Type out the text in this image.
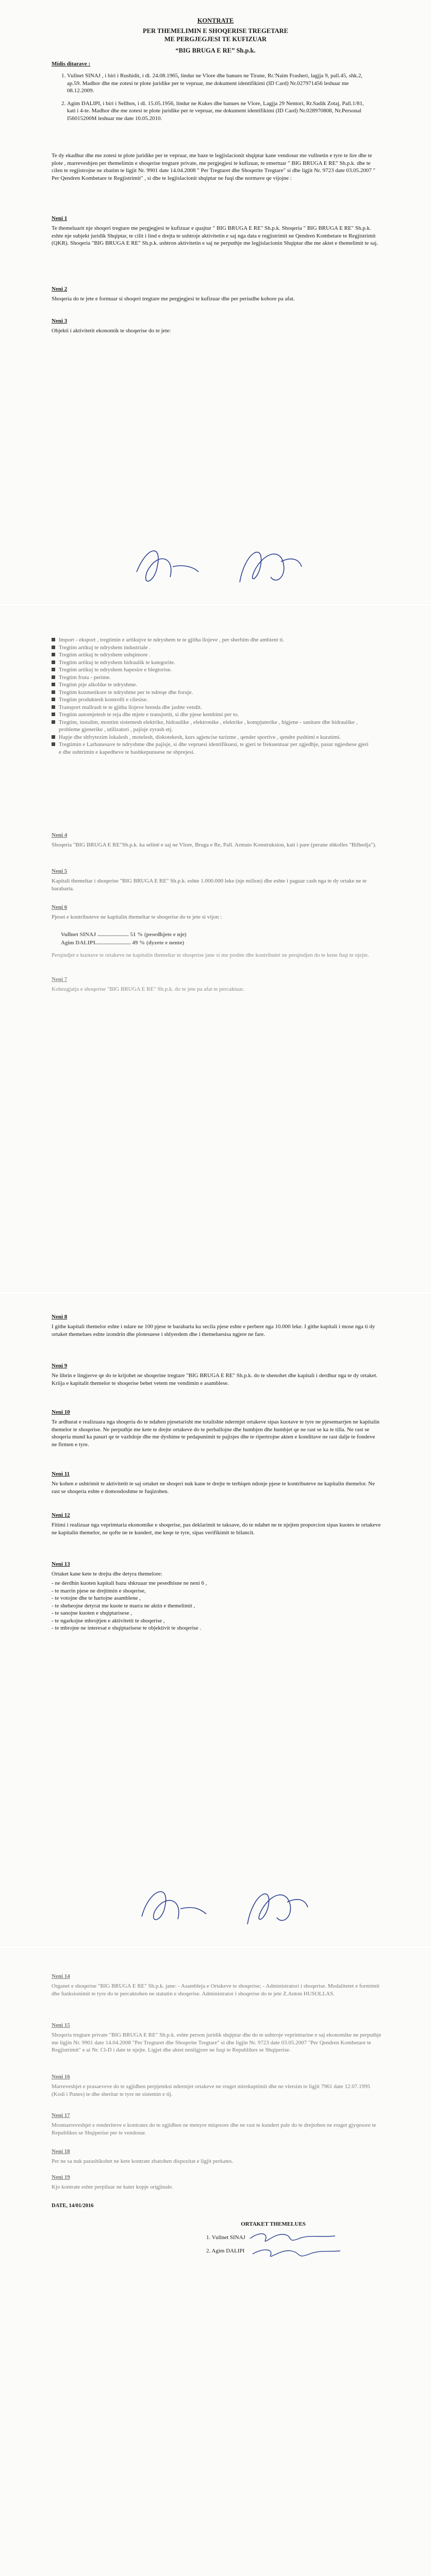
KONTRATE
PER THEMELIMIN E SHOQERISE TREGETARE
ME PERGJEGJESI TE KUFIZUAR
“BIG BRUGA E RE” Sh.p.k.
Midis ditarave :
1. Vullnet SINAJ , i biri i Rushidit, i dl. 24.08.1965, lindur ne Vlore dhe banues ne Tirane, Rr.'Naim Frasheri, lagjja 9, pall.45, shk.2, ap.59. Madhor dhe me zotesi te plote juridike per te vepruar, me dokument identifikimi (ID Card) Nr.027971456 leshuar me 08.12.2009.
2. Agim DALIPI, i biri i Sellhos, i dl. 15.05.1956, lindur ne Kukes dhe banues ne Vlore, Lagjja 29 Nentori, Rr.Sadik Zotaj, Pall.1/81, kati i 4-te. Madhor dhe me zotesi te plote juridike per te vepruar, me dokument identifikimi (ID Card) Nr.028970808, Nr.Personal I56015200M leshuar me date 10.05.2010.
Te dy ekadhur dhe me zotesi te plote juridike per te vepruar, me baze te legjislacionit shqiptar kane vendosur me vullnetin e tyre te lire dhe te plote , marreveshjen per themelimin e shoqerise tregtare private, me pergjegjesi te kufizuar, te emertuar " BIG BRUGA E RE" Sh.p.k. dhe te cilen te regjistrojne ne zbatim te ligjit Nr. 9901 date 14.04.2008 " Per Tregtaret dhe Shoqerite Tregtare" si dhe ligjit Nr. 9723 date 03.05.2007 " Per Qendren Kombetare te Regjistrimit" , si dhe te legjislacionit shqiptar ne fuqi dhe normave qe vijojne :
Neni 1
Te themeluarit nje shoqeri tregtare me pergjegjesi te kufizuar e quajtur " BIG BRUGA E RE" Sh.p.k. Shoqeria " BIG BRUGA E RE" Sh.p.k. eshte nje subjekt juridik Shqiptar, te cilit i lind e drejta te ushtroje aktivitetin e saj nga data e regjistrimit ne Qendren Kombetare te Regjistrimit (QKR). Shoqeria "BIG BRUGA E RE" Sh.p.k. ushtron aktivitetin e saj ne perputhje me legjislacionin Shqiptar dhe me aktet e themelimit te saj.
Neni 2
Shoqeria do te jete e formuar si shoqeri tregtare me pergjegjesi te kufizuar dhe per periudhe kohore pa afat.
Neni 3
Objekti i aktivitetit ekonomik te shoqerise do te jete:
Import - eksport , tregtimin e artikujve te ndryshem te te gjitha llojeve , per sherbim dhe ambient ti.
Tregtim artikuj te ndryshem industriale .
Tregtim artikuj te ndryshem ushqimore .
Tregtim artikuj te ndryshem hidraulik te kategorite.
Tregtim artikuj te ndryshem hapesire e blegtorise.
Tregtim fruta - perime.
Tregtim pije alkolike te ndryshme.
Tregtim kozmetikore te ndryshme per te ndreqe dhe foruje.
Tregtim produktesh kontrolli e cilesise.
Transport mallrash te te gjitha llojeve brenda dhe jashte vendit.
Tregtim automjetesh te reja dhe mjete e transjortit, si dhe pjese kembimi per to.
Tregtim, instalim, montim sistemesh elektrike, hidraulike , elektronike , elektrike , kompjuterike , higjene - sanitare dhe hidraulike , probleme gjenerike , utilizatori , pajisje zyrash etj.
Hapje dhe shfrytezim lokalesh , motelesh, diskotekesh, kurs agjencise turizme , qender sportive , qendre pushimi e kuratimi.
Tregtimin e Larbanesave te ndryshme dhe pajisje, si dhe vepruesi identifikuesi, te gjeri te frekuentuar per zgjedhje, pasur ngjeshese gjeri e dhe ushtrimin e kapedheve te bashkepunuese ne shprejesi.
Neni 4
Shoqeria "BIG BRUGA E RE"Sh.p.k. ka selinë e saj ne Vlore, Bruga e Re, Pall. Armato Konstruksion, kati i pare (perane shkolles "Bilbedja").
Neni 5
Kapitali themeltar i shoqerise "BIG BRUGA E RE" Sh.p.k. eshte 1.000.000 leke (nje milion) dhe eshte i paguar cash nga te dy ortake ne te barabarta.
Neni 6
Pjeset e kontributeve ne kapitalin themeltar te shoqerise do te jete si vijon :
Vullnet SINAJ ...................... 51 % (pesedhjete e nje)
Agim DALIPI......................... 49 % (dyzete e nente)
Perqindjet e kuotave te ortakeve ne kapitalin themeltar te shoqerise jane si me poshte dhe kontributet ne perqindjen do te kene fuqi te njejte.
Neni 7
Kohezgjatja e shoqerise "BIG BRUGA E RE" Sh.p.k. do te jete pa afat te percaktuar.
Neni 8
I githe kapitali themelor eshte i ndare ne 100 pjese te barabarta ku secila pjese eshte e perbere nga 10.000 leke. I githe kapitali i mose nga ti dy ortaket themelues eshte izondrin dhe plotesuese i shlyerdem dhe i themeluesisa ngjere ne fare.
Neni 9
Ne librin e lingjerve qe do te krijohet ne shoqerine tregtare "BIG BRUGA E RE" Sh.p.k. do te shenohet dhe kapitali i derdhur nga te dy ortaket. Kriija e kapitalit themelor te shoqerise behet vetem me vendimin e asamblese.
Neni 10
Te ardhurat e realizuara nga shoqeria do te ndahen pjesetarisht me totalishte ndermjet ortakeve sipas kuotave te tyre ne pjesemarrjen ne kapitalin themelor te shoqerise. Ne perputhje me kete te drejte ortakeve do te perballojne dhe humbjen dhe humbjet qe ne rast se ka te tilla. Ne rast se shoqeria mund ka pasuri qe te vazhdoje dhe me dyshime te pedapunimit te pajisjes dhe te ripertrojne akten e konditave ne rast dalje te fondeve ne firmen e tyre.
Neni 11
Ne kohen e ushtrimit te aktivitetit te saj ortaket ne shoqeri nuk kane te drejte te terhiqen ndonje pjese te kontributeve ne kapitalin themelor. Ne rast se shoqeria eshte e domosdoshme te fuqizohen.
Neni 12
Fitimi i realizuar nga veprimtaria ekonomike e shoqerise, pas deklarimit te taksave, do te ndahet ne te njejten proporcion sipas kuotes te ortakeve ne kapitalin themelor, ne qofte ne te kundert, me keqe te tyre, sipas verifikimit te bilancit.
Neni 13
Ortaket kane kete te drejta dhe detyra themelore:
- ne derdhin kuoten kapitali bazu shkruaar me pesedhisne ne neni 6 ,
- te marrin pjese ne drejtimin e shoqerise,
- te votojne dhe te hartojne asamblene ,
- te sheheojne detyrat me kuote te marra ne aktin e themelimit ,
- te sanojne kuoten e shqiptarisese ,
- te ngarkojne mbrojtjen e aktivitetit te shoqerise ,
- te mbrojne ne interesat e shqiptarisese te objektivit te shoqerise .
Neni 14
Organet e shoqerise "BIG BRUGA E RE" Sh.p.k. jane: - Asambleja e Ortakeve te shoqerise; - Administratori i shoqerise. Modalitetet e formimit dhe funksionimit te tyre do te percaktohen ne statutin e shoqerise. Administrator i shoqerise do te jete Z.Anton HUSOLLAS.
Neni 15
Shoqeria tregtare private "BIG BRUGA E RE" Sh.p.k. eshte person juridik shqiptar dhe do te ushtroje veprimtarine e saj ekonomike ne perputhje me ligjin Nr. 9901 date 14.04.2008 "Per Tregtaret dhe Shoqerite Tregtare" si dhe ligjin Nr. 9723 date 03.05.2007 "Per Qendren Kombetare te Regjistrimit" e ai Nr. Cl-D i date te njejte. Ligjet dhe aktet nenligjore ne fuqi te Republikes se Shqiperise.
Neni 16
Marreveshjet e prasaeveve do te zgjidhen perpjeteksi ndermjet ortakeve ne rruget mirekuptimit dhe ne vlersim te ligjit 7961 date 12.07.1995 (Kodi i Punes) te dhe sheritar te tyre ne sistemin e tij.
Neni 17
Mosmarreveshjet e renderiteve e kontrates do te zgjidhen ne menyre miqesore dhe ne rast te kundert pale do te drejtohen ne rruget gjyqesore te Republikes se Shqiperise per te vendosur.
Neni 18
Per ne sa nuk parashikohet ne kete kontrate zbatohen dispozitat e ligjit perkates.
Neni 19
Kjo kontrate eshte perpiluar ne kater kopje origjinale.
DATE, 14/01/2016
ORTAKET THEMELUES
1. Vullnet SINAJ
2. Agim DALIPI
